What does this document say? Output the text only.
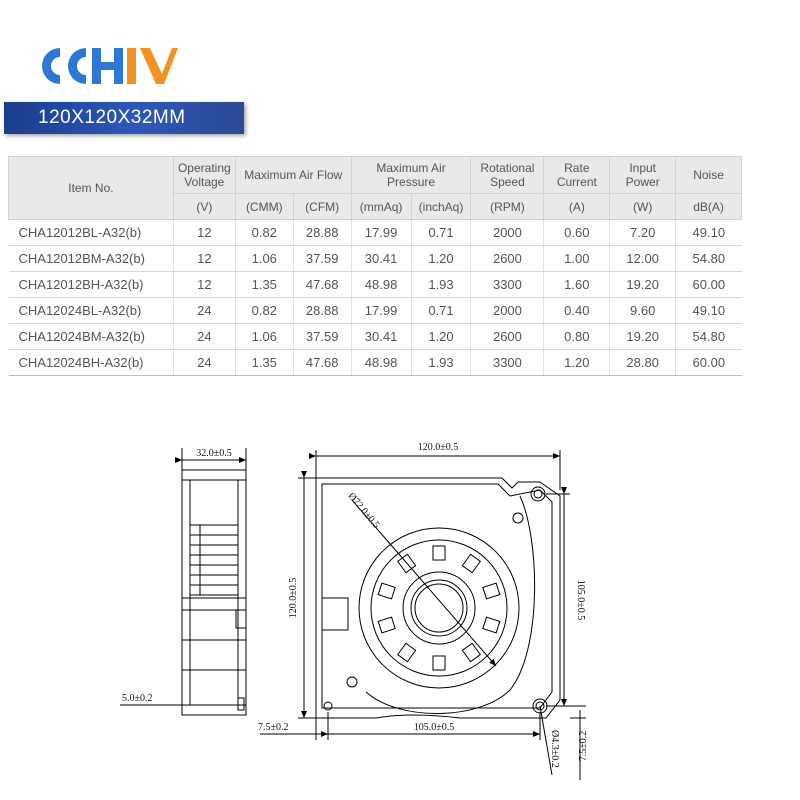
120X120X32MM
Item No.	Operating Voltage	Maximum Air Flow		Maximum Air Pressure		Rotational Speed	Rate Current	Input Power	Noise
	(V)	(CMM)	(CFM)	(mmAq)	(inchAq)	(RPM)	(A)	(W)	dB(A)
CHA12012BL-A32(b)	12	0.82	28.88	17.99	0.71	2000	0.60	7.20	49.10
CHA12012BM-A32(b)	12	1.06	37.59	30.41	1.20	2600	1.00	12.00	54.80
CHA12012BH-A32(b)	12	1.35	47.68	48.98	1.93	3300	1.60	19.20	60.00
CHA12024BL-A32(b)	24	0.82	28.88	17.99	0.71	2000	0.40	9.60	49.10
CHA12024BM-A32(b)	24	1.06	37.59	30.41	1.20	2600	0.80	19.20	54.80
CHA12024BH-A32(b)	24	1.35	47.68	48.98	1.93	3300	1.20	28.80	60.00
32.0±0.5
5.0±0.2
120.0±0.5
120.0±0.5
Ø72.0±0.5
105.0±0.5
105.0±0.5
7.5±0.2
Ø4.3±0.2 7.5±0.2
